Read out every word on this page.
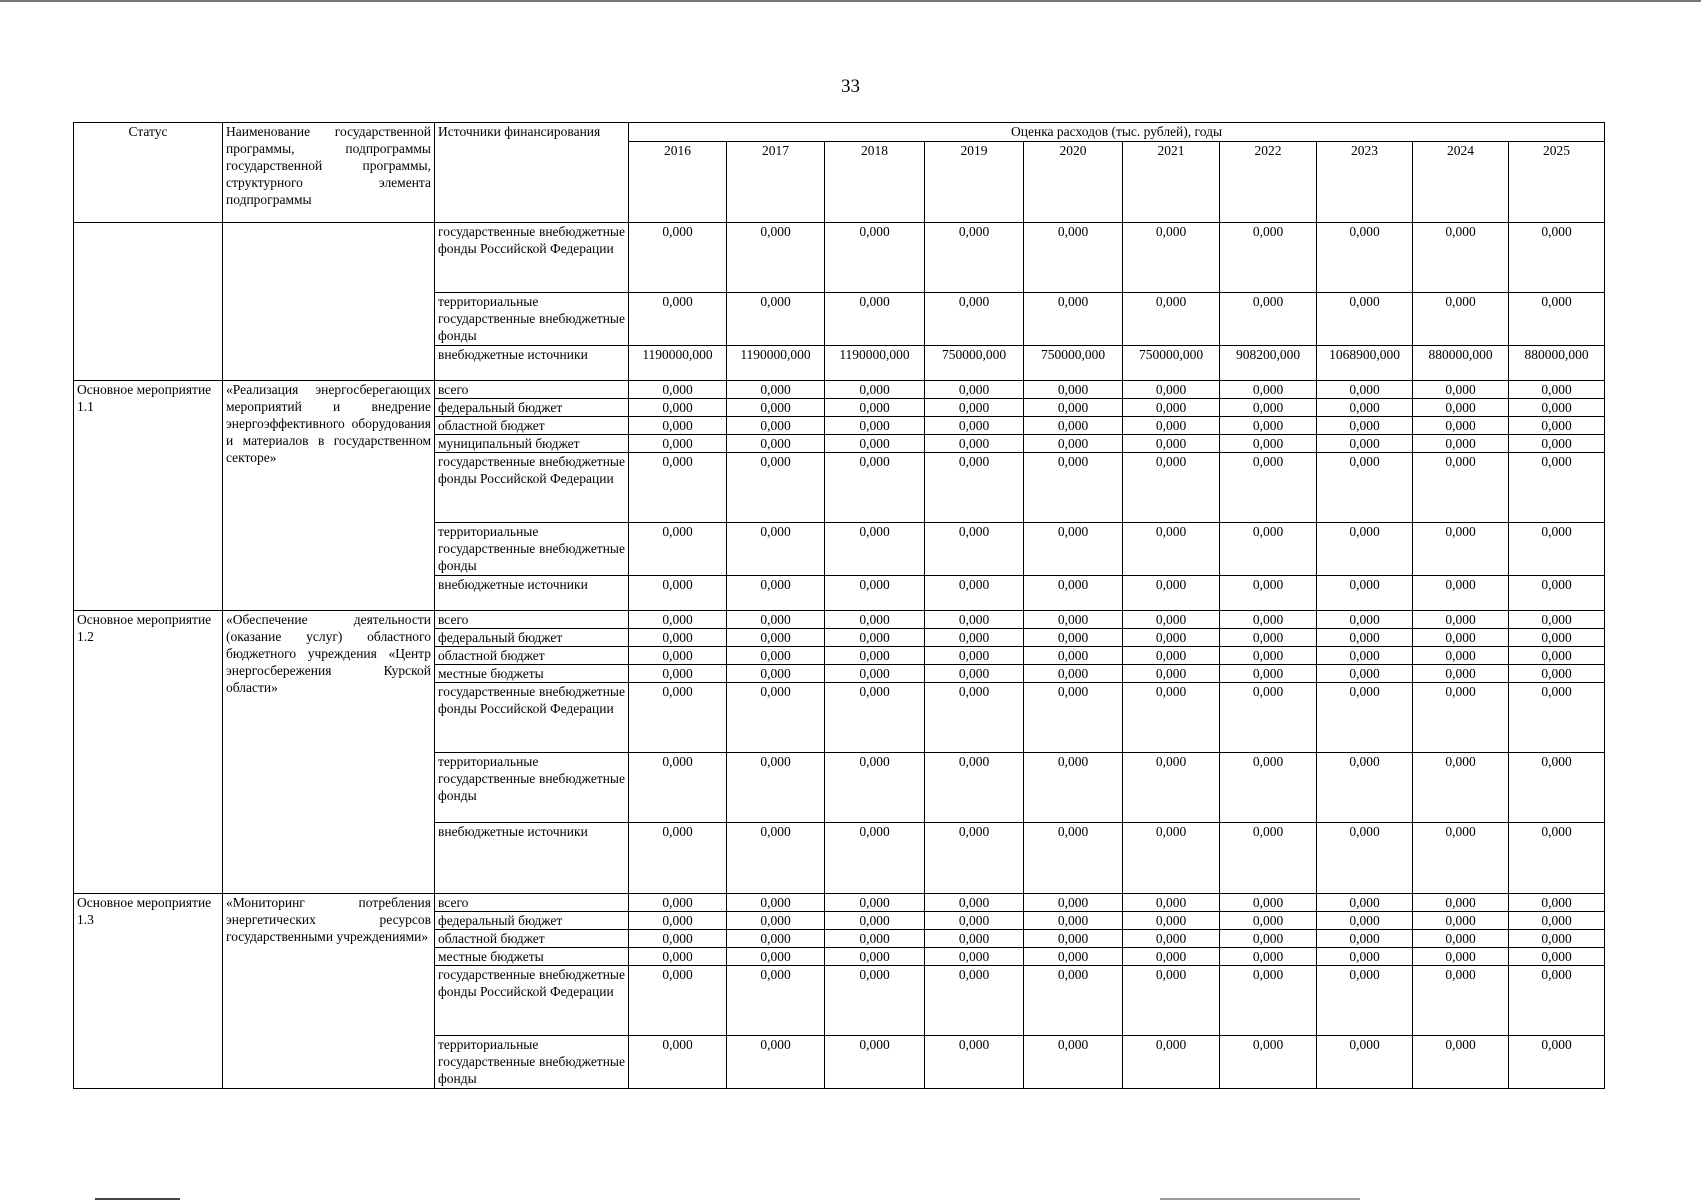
33
Статус	Наименование государственной программы, подпрограммы государственной программы, структурного элемента подпрограммы	Источники финансирования	Оценка расходов (тыс. рублей), годы									
			2016	2017	2018	2019	2020	2021	2022	2023	2024	2025
		государственные внебюджетные фонды Российской Федерации	0,000	0,000	0,000	0,000	0,000	0,000	0,000	0,000	0,000	0,000
		территориальные государственные внебюджетные фонды	0,000	0,000	0,000	0,000	0,000	0,000	0,000	0,000	0,000	0,000
		внебюджетные источники	1190000,000	1190000,000	1190000,000	750000,000	750000,000	750000,000	908200,000	1068900,000	880000,000	880000,000
Основное мероприятие 1.1	«Реализация энергосберегающих мероприятий и внедрение энергоэффективного оборудования и материалов в государственном секторе»	всего	0,000	0,000	0,000	0,000	0,000	0,000	0,000	0,000	0,000	0,000
		федеральный бюджет	0,000	0,000	0,000	0,000	0,000	0,000	0,000	0,000	0,000	0,000
		областной бюджет	0,000	0,000	0,000	0,000	0,000	0,000	0,000	0,000	0,000	0,000
		муниципальный бюджет	0,000	0,000	0,000	0,000	0,000	0,000	0,000	0,000	0,000	0,000
		государственные внебюджетные фонды Российской Федерации	0,000	0,000	0,000	0,000	0,000	0,000	0,000	0,000	0,000	0,000
		территориальные государственные внебюджетные фонды	0,000	0,000	0,000	0,000	0,000	0,000	0,000	0,000	0,000	0,000
		внебюджетные источники	0,000	0,000	0,000	0,000	0,000	0,000	0,000	0,000	0,000	0,000
Основное мероприятие 1.2	«Обеспечение деятельности (оказание услуг) областного бюджетного учреждения «Центр энергосбережения Курской области»	всего	0,000	0,000	0,000	0,000	0,000	0,000	0,000	0,000	0,000	0,000
		федеральный бюджет	0,000	0,000	0,000	0,000	0,000	0,000	0,000	0,000	0,000	0,000
		областной бюджет	0,000	0,000	0,000	0,000	0,000	0,000	0,000	0,000	0,000	0,000
		местные бюджеты	0,000	0,000	0,000	0,000	0,000	0,000	0,000	0,000	0,000	0,000
		государственные внебюджетные фонды Российской Федерации	0,000	0,000	0,000	0,000	0,000	0,000	0,000	0,000	0,000	0,000
		территориальные государственные внебюджетные фонды	0,000	0,000	0,000	0,000	0,000	0,000	0,000	0,000	0,000	0,000
		внебюджетные источники	0,000	0,000	0,000	0,000	0,000	0,000	0,000	0,000	0,000	0,000
Основное мероприятие 1.3	«Мониторинг потребления энергетических ресурсов государственными учреждениями»	всего	0,000	0,000	0,000	0,000	0,000	0,000	0,000	0,000	0,000	0,000
		федеральный бюджет	0,000	0,000	0,000	0,000	0,000	0,000	0,000	0,000	0,000	0,000
		областной бюджет	0,000	0,000	0,000	0,000	0,000	0,000	0,000	0,000	0,000	0,000
		местные бюджеты	0,000	0,000	0,000	0,000	0,000	0,000	0,000	0,000	0,000	0,000
		государственные внебюджетные фонды Российской Федерации	0,000	0,000	0,000	0,000	0,000	0,000	0,000	0,000	0,000	0,000
		территориальные государственные внебюджетные фонды	0,000	0,000	0,000	0,000	0,000	0,000	0,000	0,000	0,000	0,000
